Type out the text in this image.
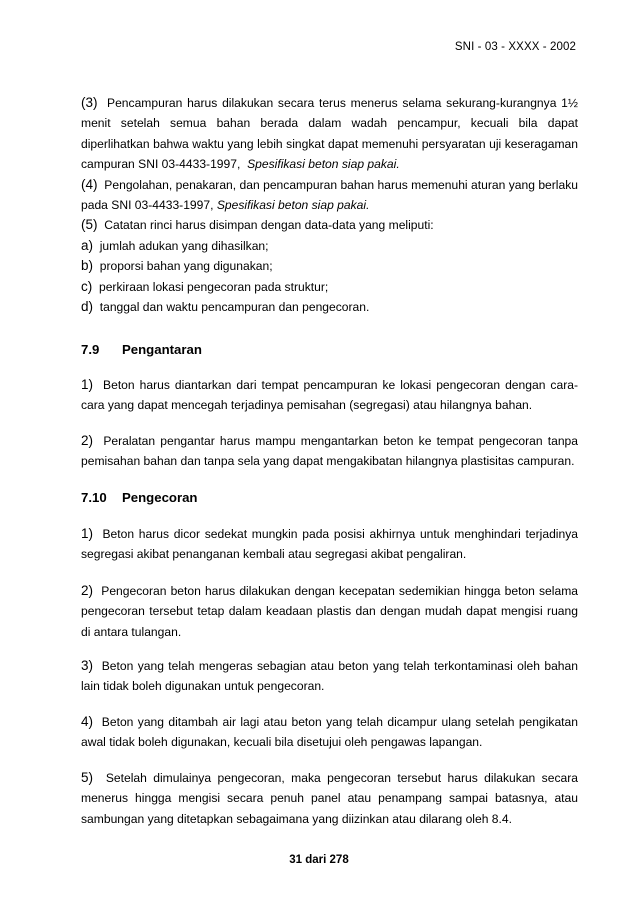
SNI - 03 - XXXX - 2002

(3) Pencampuran harus dilakukan secara terus menerus selama sekurang-kurangnya 1½ menit setelah semua bahan berada dalam wadah pencampur, kecuali bila dapat diperlihatkan bahwa waktu yang lebih singkat dapat memenuhi persyaratan uji keseragaman campuran SNI 03-4433-1997, Spesifikasi beton siap pakai.

(4) Pengolahan, penakaran, dan pencampuran bahan harus memenuhi aturan yang berlaku pada SNI 03-4433-1997, Spesifikasi beton siap pakai.

(5) Catatan rinci harus disimpan dengan data-data yang meliputi:

a) jumlah adukan yang dihasilkan;

b) proporsi bahan yang digunakan;

c) perkiraan lokasi pengecoran pada struktur;

d) tanggal dan waktu pencampuran dan pengecoran.

7.9 Pengantaran

1) Beton harus diantarkan dari tempat pencampuran ke lokasi pengecoran dengan cara-cara yang dapat mencegah terjadinya pemisahan (segregasi) atau hilangnya bahan.

2) Peralatan pengantar harus mampu mengantarkan beton ke tempat pengecoran tanpa pemisahan bahan dan tanpa sela yang dapat mengakibatan hilangnya plastisitas campuran.

7.10 Pengecoran

1) Beton harus dicor sedekat mungkin pada posisi akhirnya untuk menghindari terjadinya segregasi akibat penanganan kembali atau segregasi akibat pengaliran.

2) Pengecoran beton harus dilakukan dengan kecepatan sedemikian hingga beton selama pengecoran tersebut tetap dalam keadaan plastis dan dengan mudah dapat mengisi ruang di antara tulangan.

3) Beton yang telah mengeras sebagian atau beton yang telah terkontaminasi oleh bahan lain tidak boleh digunakan untuk pengecoran.

4) Beton yang ditambah air lagi atau beton yang telah dicampur ulang setelah pengikatan awal tidak boleh digunakan, kecuali bila disetujui oleh pengawas lapangan.

5) Setelah dimulainya pengecoran, maka pengecoran tersebut harus dilakukan secara menerus hingga mengisi secara penuh panel atau penampang sampai batasnya, atau sambungan yang ditetapkan sebagaimana yang diizinkan atau dilarang oleh 8.4.

31 dari 278
